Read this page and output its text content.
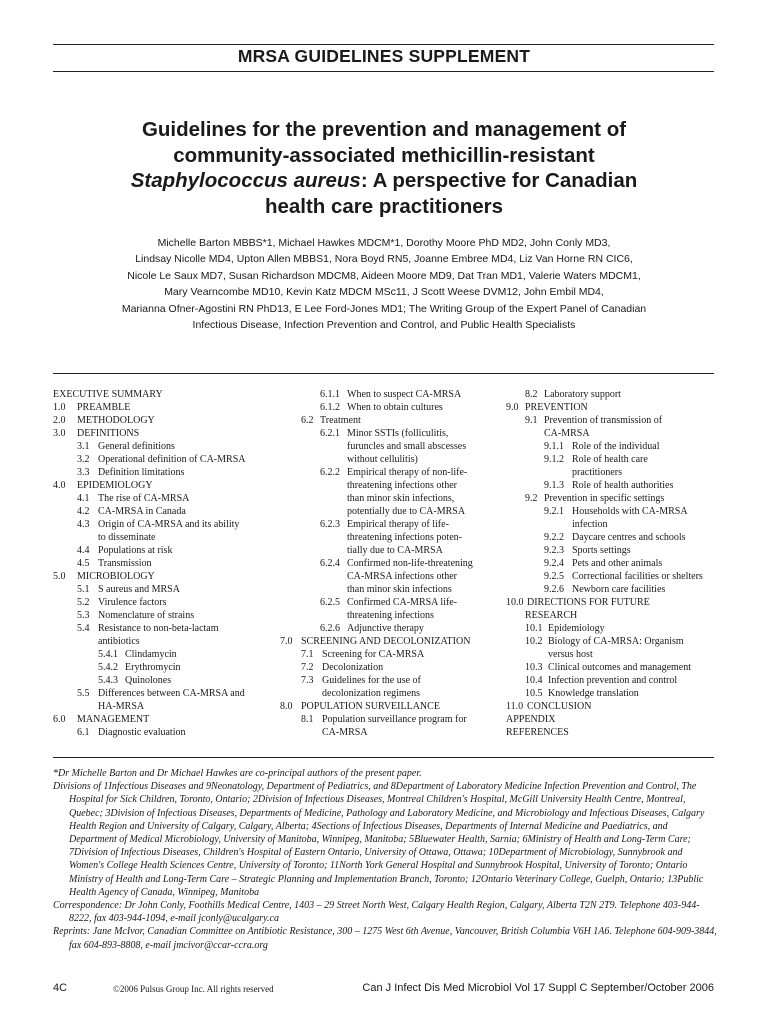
MRSA GUIDELINES SUPPLEMENT
Guidelines for the prevention and management of
community-associated methicillin-resistant
Staphylococcus aureus: A perspective for Canadian
health care practitioners
Michelle Barton MBBS*1, Michael Hawkes MDCM*1, Dorothy Moore PhD MD2, John Conly MD3,
Lindsay Nicolle MD4, Upton Allen MBBS1, Nora Boyd RN5, Joanne Embree MD4, Liz Van Horne RN CIC6,
Nicole Le Saux MD7, Susan Richardson MDCM8, Aideen Moore MD9, Dat Tran MD1, Valerie Waters MDCM1,
Mary Vearncombe MD10, Kevin Katz MDCM MSc11, J Scott Weese DVM12, John Embil MD4,
Marianna Ofner-Agostini RN PhD13, E Lee Ford-Jones MD1; The Writing Group of the Expert Panel of Canadian
Infectious Disease, Infection Prevention and Control, and Public Health Specialists
EXECUTIVE SUMMARY
1.0	PREAMBLE
2.0	METHODOLOGY
3.0	DEFINITIONS
3.1 General definitions
3.2 Operational definition of CA-MRSA
3.3 Definition limitations
4.0	EPIDEMIOLOGY
4.1 The rise of CA-MRSA
4.2 CA-MRSA in Canada
4.3 Origin of CA-MRSA and its ability
to disseminate
4.4 Populations at risk
4.5 Transmission
5.0	MICROBIOLOGY
5.1 S aureus and MRSA
5.2 Virulence factors
5.3 Nomenclature of strains
5.4 Resistance to non-beta-lactam
antibiotics
5.4.1 Clindamycin
5.4.2 Erythromycin
5.4.3 Quinolones
5.5 Differences between CA-MRSA and
HA-MRSA
6.0	MANAGEMENT
6.1 Diagnostic evaluation
6.1.1 When to suspect CA-MRSA
6.1.2 When to obtain cultures
6.2 Treatment
6.2.1 Minor SSTIs (folliculitis,
furuncles and small abscesses
without cellulitis)
6.2.2 Empirical therapy of non-life-
threatening infections other
than minor skin infections,
potentially due to CA-MRSA
6.2.3 Empirical therapy of life-
threatening infections poten-
tially due to CA-MRSA
6.2.4 Confirmed non-life-threatening
CA-MRSA infections other
than minor skin infections
6.2.5 Confirmed CA-MRSA life-
threatening infections
6.2.6 Adjunctive therapy
7.0 SCREENING AND DECOLONIZATION
7.1 Screening for CA-MRSA
7.2 Decolonization
7.3 Guidelines for the use of
decolonization regimens
8.0 POPULATION SURVEILLANCE
8.1 Population surveillance program for
CA-MRSA
8.2 Laboratory support
9.0 PREVENTION
9.1 Prevention of transmission of
CA-MRSA
9.1.1 Role of the individual
9.1.2 Role of health care
practitioners
9.1.3 Role of health authorities
9.2 Prevention in specific settings
9.2.1 Households with CA-MRSA
infection
9.2.2 Daycare centres and schools
9.2.3 Sports settings
9.2.4 Pets and other animals
9.2.5 Correctional facilities or shelters
9.2.6 Newborn care facilities
10.0 DIRECTIONS FOR FUTURE
RESEARCH
10.1 Epidemiology
10.2 Biology of CA-MRSA: Organism
versus host
10.3 Clinical outcomes and management
10.4 Infection prevention and control
10.5 Knowledge translation
11.0 CONCLUSION
APPENDIX
REFERENCES

*Dr Michelle Barton and Dr Michael Hawkes are co-principal authors of the present paper.

Divisions of 1Infectious Diseases and 9Neonatology, Department of Pediatrics, and 8Department of Laboratory Medicine Infection Prevention and Control, The Hospital for Sick Children, Toronto, Ontario; 2Division of Infectious Diseases, Montreal Children's Hospital, McGill University Health Centre, Montreal, Quebec; 3Division of Infectious Diseases, Departments of Medicine, Pathology and Laboratory Medicine, and Microbiology and Infectious Diseases, Calgary Health Region and University of Calgary, Calgary, Alberta; 4Sections of Infectious Diseases, Departments of Internal Medicine and Paediatrics, and Department of Medical Microbiology, University of Manitoba, Winnipeg, Manitoba; 5Bluewater Health, Sarnia; 6Ministry of Health and Long-Term Care; 7Division of Infectious Diseases, Children's Hospital of Eastern Ontario, University of Ottawa, Ottawa; 10Department of Microbiology, Sunnybrook and Women's College Health Sciences Centre, University of Toronto; 11North York General Hospital and Sunnybrook Hospital, University of Toronto; Ontario Ministry of Health and Long-Term Care – Strategic Planning and Implementation Branch, Toronto; 12Ontario Veterinary College, Guelph, Ontario; 13Public Health Agency of Canada, Winnipeg, Manitoba

Correspondence: Dr John Conly, Foothills Medical Centre, 1403 – 29 Street North West, Calgary Health Region, Calgary, Alberta T2N 2T9. Telephone 403-944-8222, fax 403-944-1094, e-mail jconly@ucalgary.ca

Reprints: Jane McIvor, Canadian Committee on Antibiotic Resistance, 300 – 1275 West 6th Avenue, Vancouver, British Columbia V6H 1A6. Telephone 604-909-3844, fax 604-893-8808, e-mail jmcivor@ccar-ccra.org

4C	©2006 Pulsus Group Inc. All rights reserved	Can J Infect Dis Med Microbiol Vol 17 Suppl C September/October 2006
